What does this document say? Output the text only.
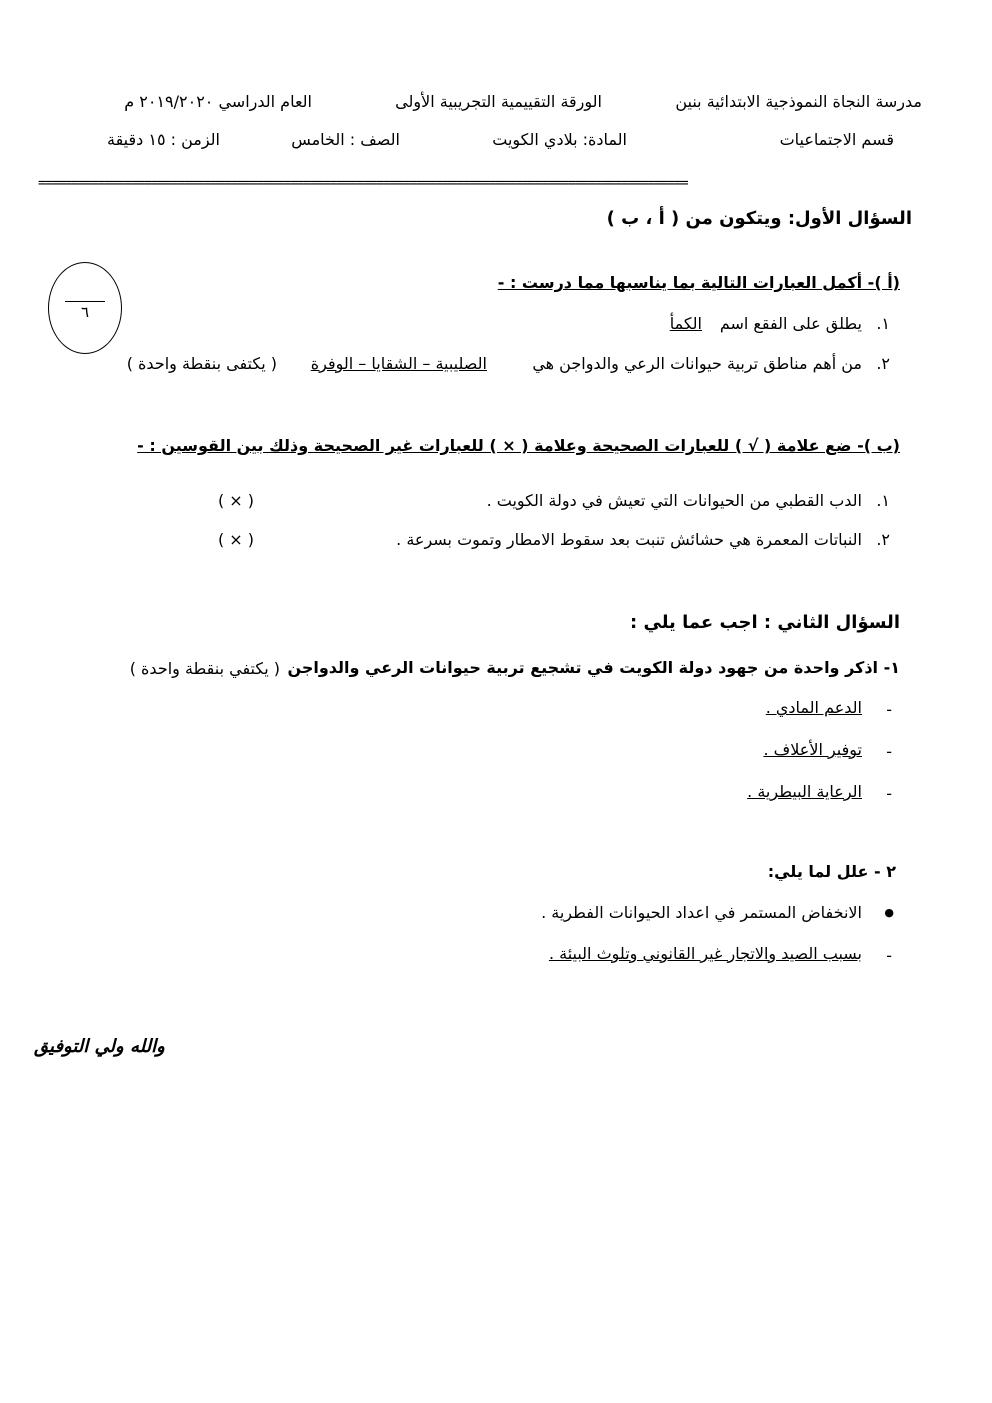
مدرسة النجاة النموذجية الابتدائية بنين
الورقة التقييمية التجريبية الأولى
العام الدراسي ٢٠١٩/٢٠٢٠ م
قسم الاجتماعيات
المادة: بلادي الكويت
الصف : الخامس
الزمن : ١٥ دقيقة
==================================================================================================
السؤال الأول: ويتكون من ( أ ، ب )
٦
(أ )- أكمل العبارات التالية بما يناسبها مما درست : -
١.
يطلق على الفقع اسم
الكمأ
٢.
من أهم مناطق تربية حيوانات الرعي والدواجن هي
الصليبية – الشقايا – الوفرة
( يكتفى بنقطة واحدة )
(ب )- ضع علامة ( √ ) للعبارات الصحيحة وعلامة ( × ) للعبارات غير الصحيحة وذلك بين القوسين : -
١.
الدب القطبي من الحيوانات التي تعيش في دولة الكويت .
( × )
٢.
النباتات المعمرة هي حشائش تنبت بعد سقوط الامطار وتموت بسرعة .
( × )
السؤال الثاني : اجب عما يلي :
١- اذكر واحدة من جهود دولة الكويت في تشجيع تربية حيوانات الرعي والدواجن
( يكتفي بنقطة واحدة )
-
الدعم المادي .
-
توفير الأعلاف .
-
الرعاية البيطرية .
٢ - علل لما يلي:
●
الانخفاض المستمر في اعداد الحيوانات الفطرية .
-
بسبب الصيد والاتجار غير القانوني وتلوث البيئة .
والله ولي التوفيق
